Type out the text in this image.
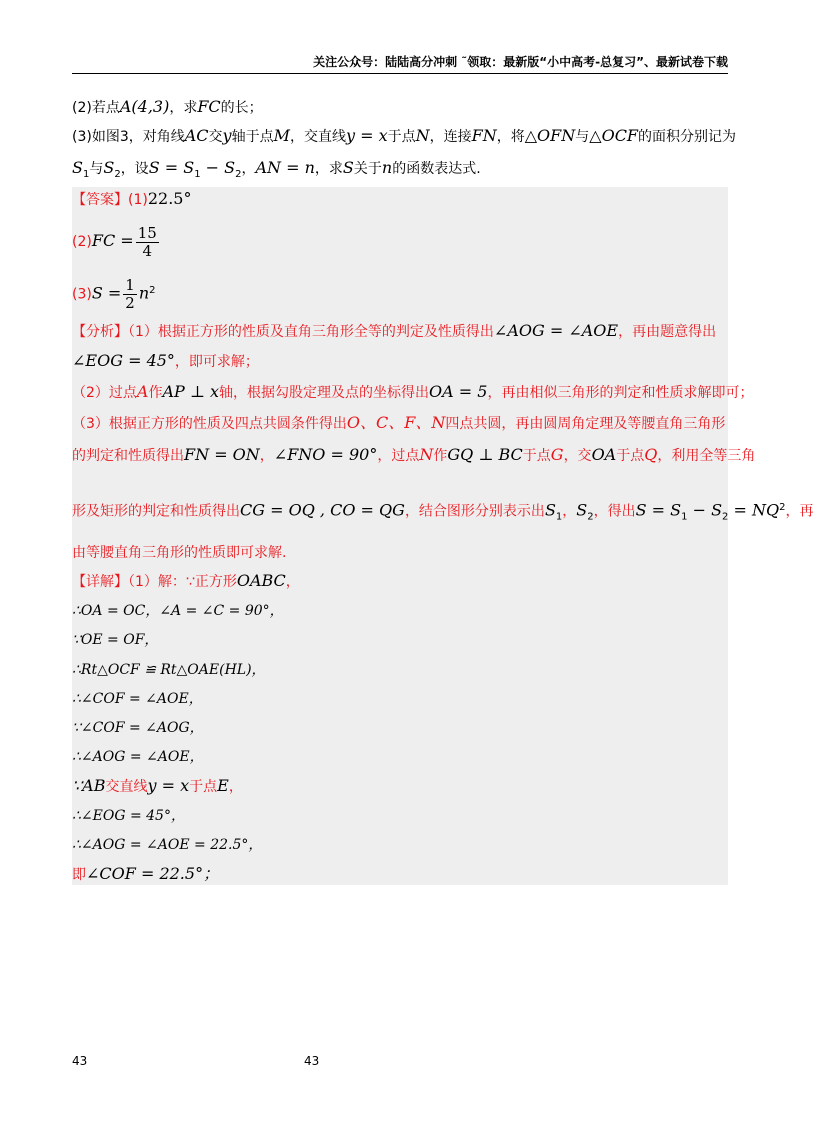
关注公众号：陆陆高分冲刺 ˜领取：最新版“小中高考-总复习”、最新试卷下载
(2)若点A(4,3)，求FC的长；
(3)如图3，对角线AC交y轴于点M，交直线y = x于点N，连接FN，将△OFN与△OCF的面积分别记为
$S_1$与$S_2$，设$S = S_1 - S_2$，AN = n，求S关于n的函数表达式.
【答案】(1)22.5°
$(2)FC = \frac{15}{4}$
$(3)S = \frac{1}{2} n^2$
【分析】（1）根据正方形的性质及直角三角形全等的判定及性质得出∠AOG = ∠AOE，再由题意得出
∠EOG = 45°，即可求解；
（2）过点A作AP ⊥ x轴，根据勾股定理及点的坐标得出OA = 5，再由相似三角形的判定和性质求解即可；
（3）根据正方形的性质及四点共圆条件得出O、C、F、N四点共圆，再由圆周角定理及等腰直角三角形
的判定和性质得出FN = ON，∠FNO = 90°，过点N作GQ ⊥ BC于点G，交OA于点Q，利用全等三角
形及矩形的判定和性质得出CG = OQ , CO = QG，结合图形分别表示出$S_1$，$S_2$，得出$S = S_1 - S_2 = NQ^2$，再
由等腰直角三角形的性质即可求解.
【详解】（1）解：∵正方形OABC，
∴OA = OC，∠A = ∠C = 90°，
∵OE = OF，
∴Rt△OCF ≌ Rt△OAE(HL)，
∴∠COF = ∠AOE，
∵∠COF = ∠AOG，
∴∠AOG = ∠AOE，
∵AB交直线y = x于点E，
∴∠EOG = 45°，
∴∠AOG = ∠AOE = 22.5°，
即∠COF = 22.5°；
43	43
